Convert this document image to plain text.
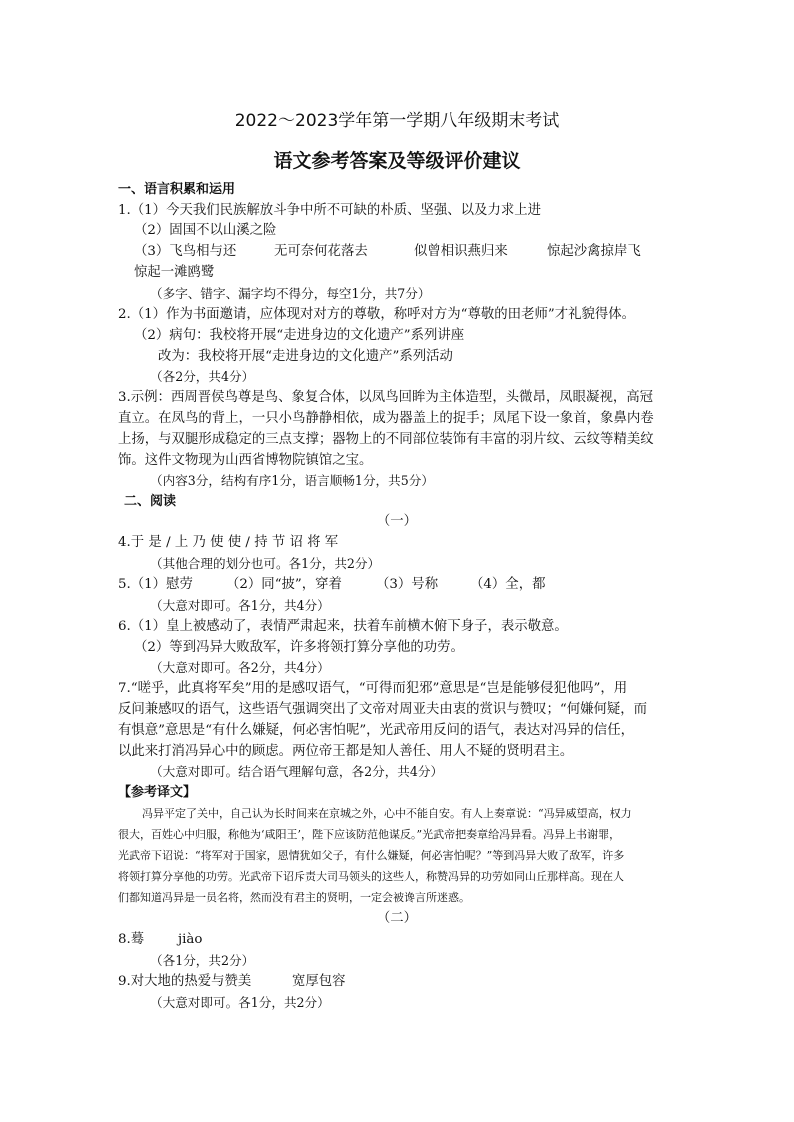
2022～2023学年第一学期八年级期末考试
语文参考答案及等级评价建议
一、语言积累和运用
1.（1）今天我们民族解放斗争中所不可缺的朴质、坚强、以及力求上进
（2）固国不以山溪之险
（3）飞鸟相与还	无可奈何花落去	似曾相识燕归来	惊起沙禽掠岸飞
惊起一滩鸥鹭
（多字、错字、漏字均不得分，每空1分，共7分）
2.（1）作为书面邀请，应体现对对方的尊敬，称呼对方为“尊敬的田老师”才礼貌得体。
（2）病句：我校将开展“走进身边的文化遗产”系列讲座
改为：我校将开展“走进身边的文化遗产”系列活动
（各2分，共4分）
3.示例：西周晋侯鸟尊是鸟、象复合体，以凤鸟回眸为主体造型，头微昂，凤眼凝视，高冠
直立。在凤鸟的背上，一只小鸟静静相依，成为器盖上的捉手；凤尾下设一象首，象鼻内卷
上扬，与双腿形成稳定的三点支撑；器物上的不同部位装饰有丰富的羽片纹、云纹等精美纹
饰。这件文物现为山西省博物院镇馆之宝。
（内容3分，结构有序1分，语言顺畅1分，共5分）
二、阅读
（一）
4.于 是 / 上 乃 使 使 / 持 节 诏 将 军
（其他合理的划分也可。各1分，共2分）
5.（1）慰劳 （2）同“披”，穿着	（3）号称 （4）全，都
（大意对即可。各1分，共4分）
6.（1）皇上被感动了，表情严肃起来，扶着车前横木俯下身子，表示敬意。
（2）等到冯异大败敌军，许多将领打算分享他的功劳。
（大意对即可。各2分，共4分）
7.“嗟乎，此真将军矣”用的是感叹语气，“可得而犯邪”意思是“岂是能够侵犯他吗”，用
反问兼感叹的语气，这些语气强调突出了文帝对周亚夫由衷的赏识与赞叹；“何嫌何疑，而
有惧意”意思是“有什么嫌疑，何必害怕呢”，光武帝用反问的语气，表达对冯异的信任，
以此来打消冯异心中的顾虑。两位帝王都是知人善任、用人不疑的贤明君主。
（大意对即可。结合语气理解句意，各2分，共4分）
【参考译文】
冯异平定了关中，自己认为长时间来在京城之外，心中不能自安。有人上奏章说：“冯异威望高，权力
很大，百姓心中归服，称他为‘咸阳王’，陛下应该防范他谋反。”光武帝把奏章给冯异看。冯异上书谢罪，
光武帝下诏说：“将军对于国家，恩情犹如父子，有什么嫌疑，何必害怕呢？”等到冯异大败了敌军，许多
将领打算分享他的功劳。光武帝下诏斥责大司马领头的这些人，称赞冯异的功劳如同山丘那样高。现在人
们都知道冯异是一员名将，然而没有君主的贤明，一定会被谗言所迷惑。
（二）
8.蓦	jiào
（各1分，共2分）
9.对大地的热爱与赞美	宽厚包容
（大意对即可。各1分，共2分）
